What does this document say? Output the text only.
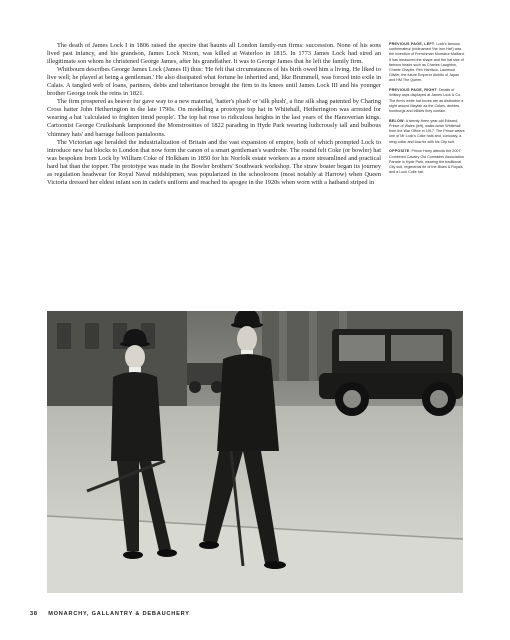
The death of James Lock I in 1806 raised the spectre that haunts all London family-run firms: succession. None of his sons lived past infancy, and his grandson, James Lock Nixon, was killed at Waterloo in 1815. In 1773 James Lock had sired an illegitimate son whom he christened George James, after his grandfather. It was to George James that he left the family firm.

Whitbourn describes George James Lock (James II) thus: 'He felt that circumstances of his birth owed him a living. He liked to live well; he played at being a gentleman.' He also dissipated what fortune he inherited and, like Brummell, was forced into exile in Calais. A tangled web of loans, partners, debts and inheritance brought the firm to its knees until James Lock III and his younger brother George took the reins in 1821.

The firm prospered as beaver fur gave way to a new material, 'hatter's plush' or 'silk plush', a fine silk shag patented by Charing Cross hatter John Hetherington in the late 1790s. On modelling a prototype top hat in Whitehall, Hetherington was arrested for wearing a hat 'calculated to frighten timid people'. The top hat rose to ridiculous heights in the last years of the Hanoverian kings. Cartoonist George Cruikshank lampooned the Monstrosities of 1822 parading in Hyde Park wearing ludicrously tall and bulbous 'chimney hats' and barrage balloon pantaloons.

The Victorian age heralded the industrialization of Britain and the vast expansion of empire, both of which prompted Lock to introduce new hat blocks to London that now form the canon of a smart gentleman's wardrobe. The round felt Coke (or bowler) hat was bespoken from Lock by William Coke of Holkham in 1850 for his Norfolk estate workers as a more streamlined and practical hard hat than the topper. The prototype was made in the Bowler brothers' Southwark workshop. The straw boater began its journey as regulation headwear for Royal Naval midshipmen, was popularized in the schoolroom (most notably at Harrow) when Queen Victoria dressed her eldest infant son in cadet's uniform and reached its apogee in the 1920s when worn with a hatband striped in

PREVIOUS PAGE, LEFT: Lock's famous conformateur (nicknamed 'the Iron Hat') was the invention of Frenchman Monsieur Maillard. It has measured the shape and the hat size of famous heads such as Charles Laughton, Charlie Chaplin, Rex Harrison, Laurence Olivier, the future Emperor Akihito of Japan and HM The Queen.
PREVIOUS PAGE, RIGHT: Details of military caps displayed at James Lock & Co. The firm's white hat boxes are as distinctive a sight around Mayfair as the Cokes, derbies, homburgs and trilbies they contain.
BELOW: A twenty-three-year-old Edward, Prince of Wales (left), walks down Whitehall from the War Office in 1917. The Prince wears one of Mr Lock's Coke hats and, curiously, a wing collar and bow tie with his City suit.
OPPOSITE: Prince Harry attends the 2007 Combined Cavalry Old Comrades Association Parade in Hyde Park, wearing the traditional City suit, regimental tie of the Blues & Royals and a Lock Coke hat.
38 MONARCHY, GALLANTRY & DEBAUCHERY
